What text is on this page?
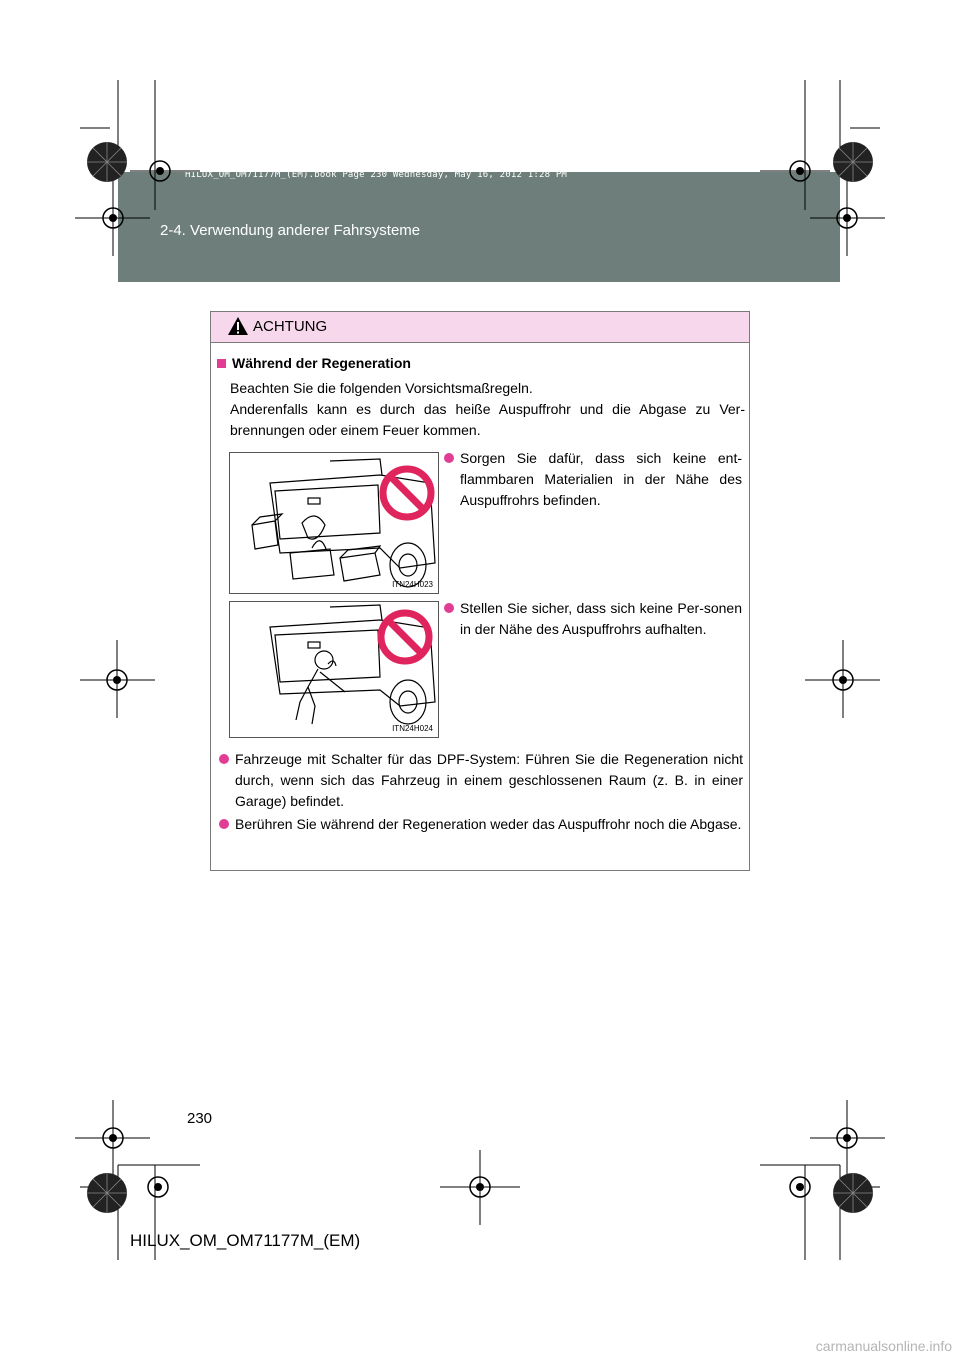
HILUX_OM_OM71177M_(EM).book Page 230 Wednesday, May 16, 2012 1:28 PM
2-4. Verwendung anderer Fahrsysteme
ACHTUNG
Während der Regeneration
Beachten Sie die folgenden Vorsichtsmaßregeln.
Anderenfalls kann es durch das heiße Auspuffrohr und die Abgase zu Ver-brennungen oder einem Feuer kommen.
ITN24H023
Sorgen Sie dafür, dass sich keine ent-flammbaren Materialien in der Nähe des Auspuffrohrs befinden.
ITN24H024
Stellen Sie sicher, dass sich keine Per-sonen in der Nähe des Auspuffrohrs aufhalten.
Fahrzeuge mit Schalter für das DPF-System: Führen Sie die Regeneration nicht durch, wenn sich das Fahrzeug in einem geschlossenen Raum (z. B. in einer Garage) befindet.
Berühren Sie während der Regeneration weder das Auspuffrohr noch die Abgase.
230
HILUX_OM_OM71177M_(EM)
carmanualsonline.info
